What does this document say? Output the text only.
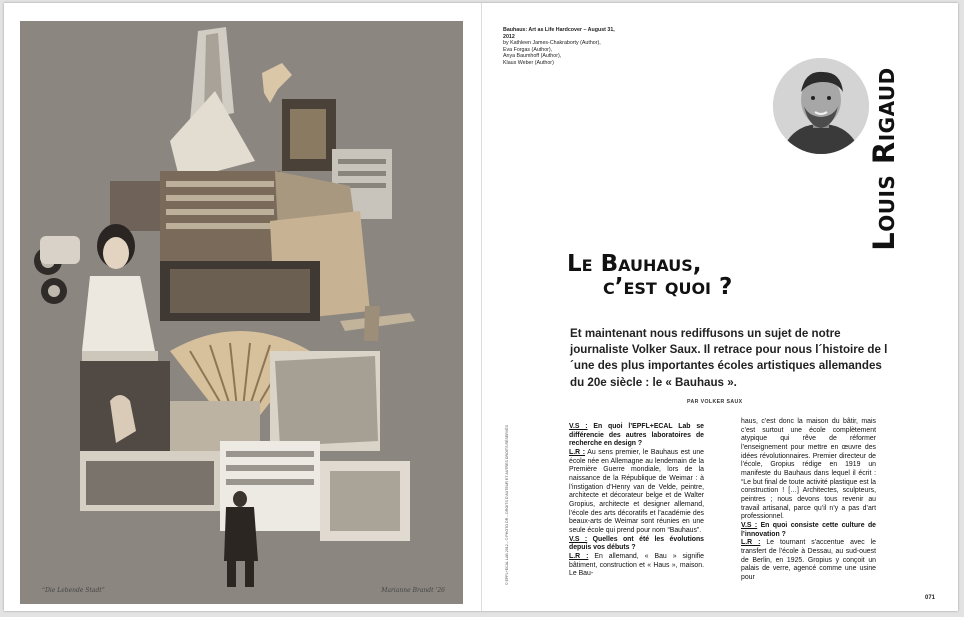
“Die Lebende Stadt”	Marianne Brandt ’26
Bauhaus: Art as Life Hardcover – August 31, 2012
by Kathleen James-Chakraborty (Author),
Eva Forgas (Author),
Anya Baumhoff (Author),
Klaus Weber (Author)
Louis Rigaud
Le Bauhaus,
c’est quoi ?
Et maintenant nous rediffusons un sujet de notre journaliste Volker Saux. Il retrace pour nous l´histoire de l´une des plus importantes écoles artistiques allemandes du 20e siècle : le « Bauhaus ».
PAR VOLKER SAUX
© EPFL+ECAL LAB 2012 – © PHOTO DR – DROITS D’AUTEUR ET AUTRES DROITS RÉSERVÉS	V.S : En quoi l’EPFL+ECAL Lab se différencie des autres laboratoires de recherche en design ?

L.R : Au sens premier, le Bauhaus est une école née en Allemagne au lendemain de la Première Guerre mondiale, lors de la naissance de la République de Weimar : à l’instigation d’Henry van de Velde, peintre, architecte et décorateur belge et de Walter Gropius, architecte et designer allemand, l’école des arts décoratifs et l’académie des beaux-arts de Weimar sont réunies en une seule école qui prend pour nom “Bauhaus”.

V.S : Quelles ont été les évolutions depuis vos débuts ?

L.R : En allemand, « Bau » signifie bâtiment, construction et « Haus », maison. Le Bau-

haus, c’est donc la maison du bâtir, mais c’est surtout une école complètement atypique qui rêve de réformer l’enseignement pour mettre en œuvre des idées révolutionnaires. Premier directeur de l’école, Gropius rédige en 1919 un manifeste du Bauhaus dans lequel il écrit : “Le but final de toute activité plastique est la construction ! […] Architectes, sculpteurs, peintres ; nous devons tous revenir au travail artisanal, parce qu’il n’y a pas d’art professionnel.

V.S : En quoi consiste cette culture de l’innovation ?

L.R : Le tournant s’accentue avec le transfert de l’école à Dessau, au sud-ouest de Berlin, en 1925. Gropius y conçoit un palais de verre, agencé comme une usine pour

071
